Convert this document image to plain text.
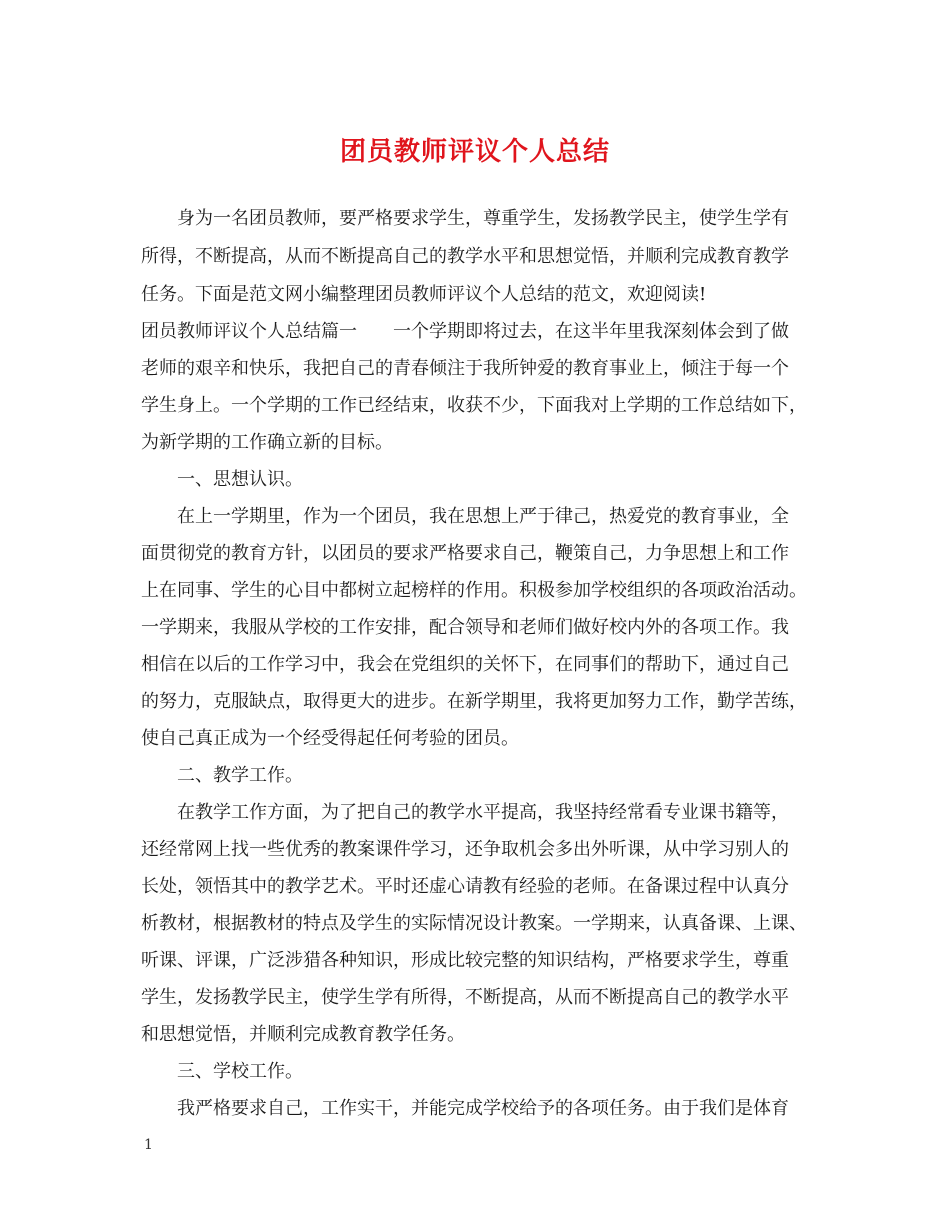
团员教师评议个人总结
身为一名团员教师，要严格要求学生，尊重学生，发扬教学民主，使学生学有
所得，不断提高，从而不断提高自己的教学水平和思想觉悟，并顺利完成教育教学
任务。下面是范文网小编整理团员教师评议个人总结的范文，欢迎阅读!
团员教师评议个人总结篇一 一个学期即将过去，在这半年里我深刻体会到了做
老师的艰辛和快乐，我把自己的青春倾注于我所钟爱的教育事业上，倾注于每一个
学生身上。一个学期的工作已经结束，收获不少，下面我对上学期的工作总结如下，
为新学期的工作确立新的目标。
一、思想认识。
在上一学期里，作为一个团员，我在思想上严于律己，热爱党的教育事业，全
面贯彻党的教育方针，以团员的要求严格要求自己，鞭策自己，力争思想上和工作
上在同事、学生的心目中都树立起榜样的作用。积极参加学校组织的各项政治活动。
一学期来，我服从学校的工作安排，配合领导和老师们做好校内外的各项工作。我
相信在以后的工作学习中，我会在党组织的关怀下，在同事们的帮助下，通过自己
的努力，克服缺点，取得更大的进步。在新学期里，我将更加努力工作，勤学苦练，
使自己真正成为一个经受得起任何考验的团员。
二、教学工作。
在教学工作方面，为了把自己的教学水平提高，我坚持经常看专业课书籍等，
还经常网上找一些优秀的教案课件学习，还争取机会多出外听课，从中学习别人的
长处，领悟其中的教学艺术。平时还虚心请教有经验的老师。在备课过程中认真分
析教材，根据教材的特点及学生的实际情况设计教案。一学期来，认真备课、上课、
听课、评课，广泛涉猎各种知识，形成比较完整的知识结构，严格要求学生，尊重
学生，发扬教学民主，使学生学有所得，不断提高，从而不断提高自己的教学水平
和思想觉悟，并顺利完成教育教学任务。
三、学校工作。
我严格要求自己，工作实干，并能完成学校给予的各项任务。由于我们是体育
1
